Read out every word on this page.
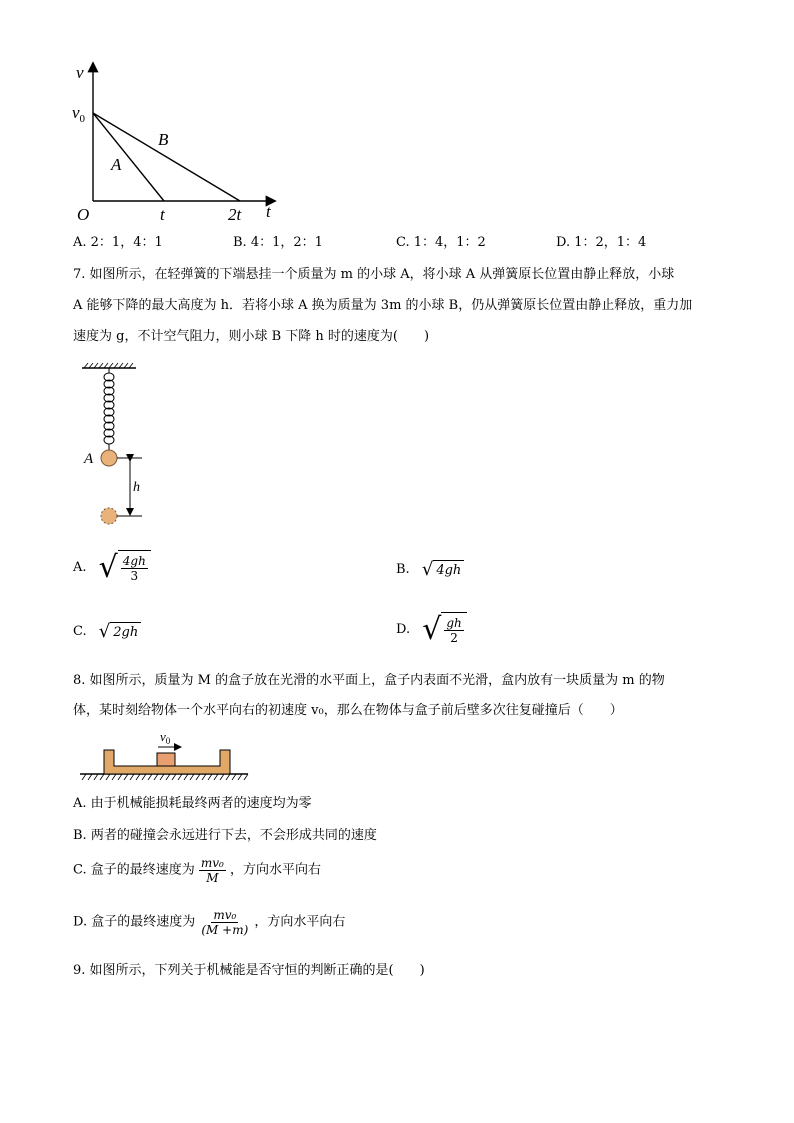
v
$v_0$
A
B
O	t	2t t
A. 2：1，4：1	B. 4：1，2：1	C. 1：4，1：2	D. 1：2，1：4
7. 如图所示，在轻弹簧的下端悬挂一个质量为 m 的小球 A，将小球 A 从弹簧原长位置由静止释放，小球
A 能够下降的最大高度为 h．若将小球 A 换为质量为 3m 的小球 B，仍从弹簧原长位置由静止释放，重力加
速度为 g，不计空气阻力，则小球 B 下降 h 时的速度为(　　)
A
h
A. √ $\frac{4gh}{3}$	B. √ 4gh
C. √ 2gh	D. √ $\frac{gh}{2}$
8. 如图所示，质量为 M 的盒子放在光滑的水平面上，盒子内表面不光滑，盒内放有一块质量为 m 的物
体，某时刻给物体一个水平向右的初速度 v₀，那么在物体与盒子前后壁多次往复碰撞后（　　）
$v_0$
A. 由于机械能损耗最终两者的速度均为零
B. 两者的碰撞会永远进行下去，不会形成共同的速度
C. 盒子的最终速度为 $\frac{\text{mv₀}}{M}$ ，方向水平向右
D. 盒子的最终速度为 $\frac{\text{mv₀}}{(M +m)}$ ，方向水平向右
9. 如图所示，下列关于机械能是否守恒的判断正确的是(　　)
